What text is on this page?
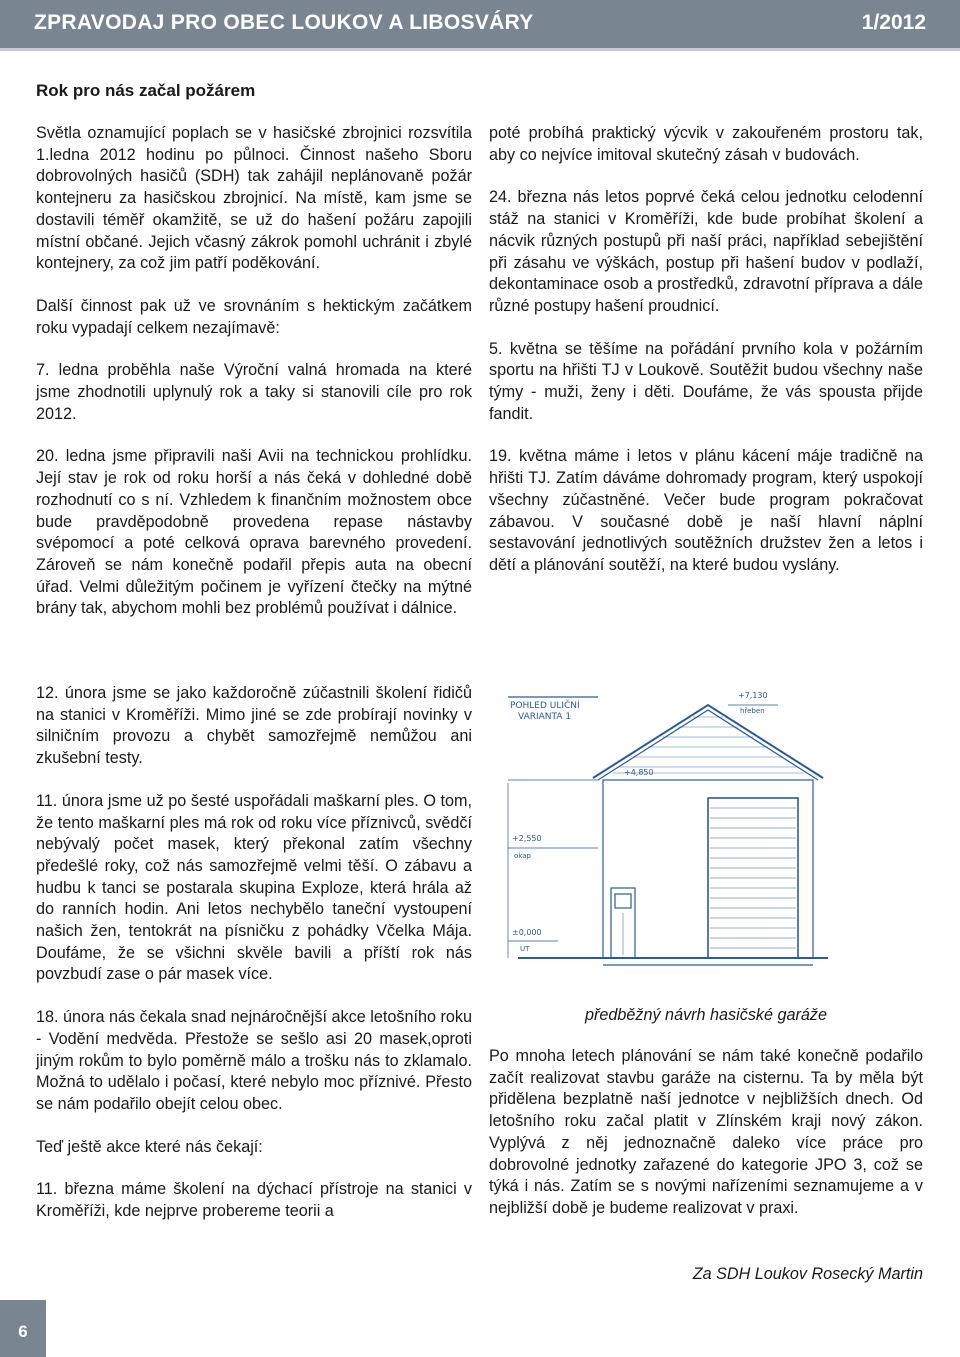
ZPRAVODAJ PRO OBEC LOUKOV A LIBOSVÁRY	1/2012
Rok pro nás začal požárem

Světla oznamující poplach se v hasičské zbrojnici rozsvítila 1.ledna 2012 hodinu po půlnoci. Činnost našeho Sboru dobrovolných hasičů (SDH) tak zahájil neplánovaně požár kontejneru za hasičskou zbrojnicí. Na místě, kam jsme se dostavili téměř okamžitě, se už do hašení požáru zapojili místní občané. Jejich včasný zákrok pomohl uchránit i zbylé kontejnery, za což jim patří poděkování.

Další činnost pak už ve srovnáním s hektickým začátkem roku vypadají celkem nezajímavě:

7. ledna proběhla naše Výroční valná hromada na které jsme zhodnotili uplynulý rok a taky si stanovili cíle pro rok 2012.

20. ledna jsme připravili naši Avii na technickou prohlídku. Její stav je rok od roku horší a nás čeká v dohledné době rozhodnutí co s ní. Vzhledem k finančním možnostem obce bude pravděpodobně provedena repase nástavby svépomocí a poté celková oprava barevného provedení. Zároveň se nám konečně podařil přepis auta na obecní úřad. Velmi důležitým počinem je vyřízení čtečky na mýtné brány tak, abychom mohli bez problémů používat i dálnice.

12. února jsme se jako každoročně zúčastnili školení řidičů na stanici v Kroměříži. Mimo jiné se zde probírají novinky v silničním provozu a chybět samozřejmě nemůžou ani zkušební testy.

11. února jsme už po šesté uspořádali maškarní ples. O tom, že tento maškarní ples má rok od roku více příznivců, svědčí nebývalý počet masek, který překonal zatím všechny předešlé roky, což nás samozřejmě velmi těší. O zábavu a hudbu k tanci se postarala skupina Exploze, která hrála až do ranních hodin. Ani letos nechybělo taneční vystoupení našich žen, tentokrát na písničku z pohádky Včelka Mája. Doufáme, že se všichni skvěle bavili a příští rok nás povzbudí zase o pár masek více.

18. února nás čekala snad nejnáročnější akce letošního roku - Vodění medvěda. Přestože se sešlo asi 20 masek,oproti jiným rokům to bylo poměrně málo a trošku nás to zklamalo. Možná to udělalo i počasí, které nebylo moc příznivé. Přesto se nám podařilo obejít celou obec.

Teď ještě akce které nás čekají:

11. března máme školení na dýchací přístroje na stanici v Kroměříži, kde nejprve probereme teorii a

poté probíhá praktický výcvik v zakouřeném prostoru tak, aby co nejvíce imitoval skutečný zásah v budovách.

24. března nás letos poprvé čeká celou jednotku celodenní stáž na stanici v Kroměříži, kde bude probíhat školení a nácvik různých postupů při naší práci, například sebejištění při zásahu ve výškách, postup při hašení budov v podlaží, dekontaminace osob a prostředků, zdravotní příprava a dále různé postupy hašení proudnicí.

5. května se těšíme na pořádání prvního kola v požárním sportu na hřišti TJ v Loukově. Soutěžit budou všechny naše týmy - muži, ženy i děti. Doufáme, že vás spousta přijde fandit.

19. května máme i letos v plánu kácení máje tradičně na hřišti TJ. Zatím dáváme dohromady program, který uspokojí všechny zúčastněné. Večer bude program pokračovat zábavou. V současné době je naší hlavní náplní sestavování jednotlivých soutěžních družstev žen a letos i dětí a plánování soutěží, na které budou vyslány.

POHLED ULIČNÍ
VARIANTA 1
+7,130
hřeben
+4,850
+2,550
okap
±0,000
UT
předběžný návrh hasičské garáže

Po mnoha letech plánování se nám také konečně podařilo začít realizovat stavbu garáže na cisternu. Ta by měla být přidělena bezplatně naší jednotce v nejbližších dnech. Od letošního roku začal platit v Zlínském kraji nový zákon. Vyplývá z něj jednoznačně daleko více práce pro dobrovolné jednotky zařazené do kategorie JPO 3, což se týká i nás. Zatím se s novými nařízeními seznamujeme a v nejbližší době je budeme realizovat v praxi.

Za SDH Loukov Rosecký Martin
6
